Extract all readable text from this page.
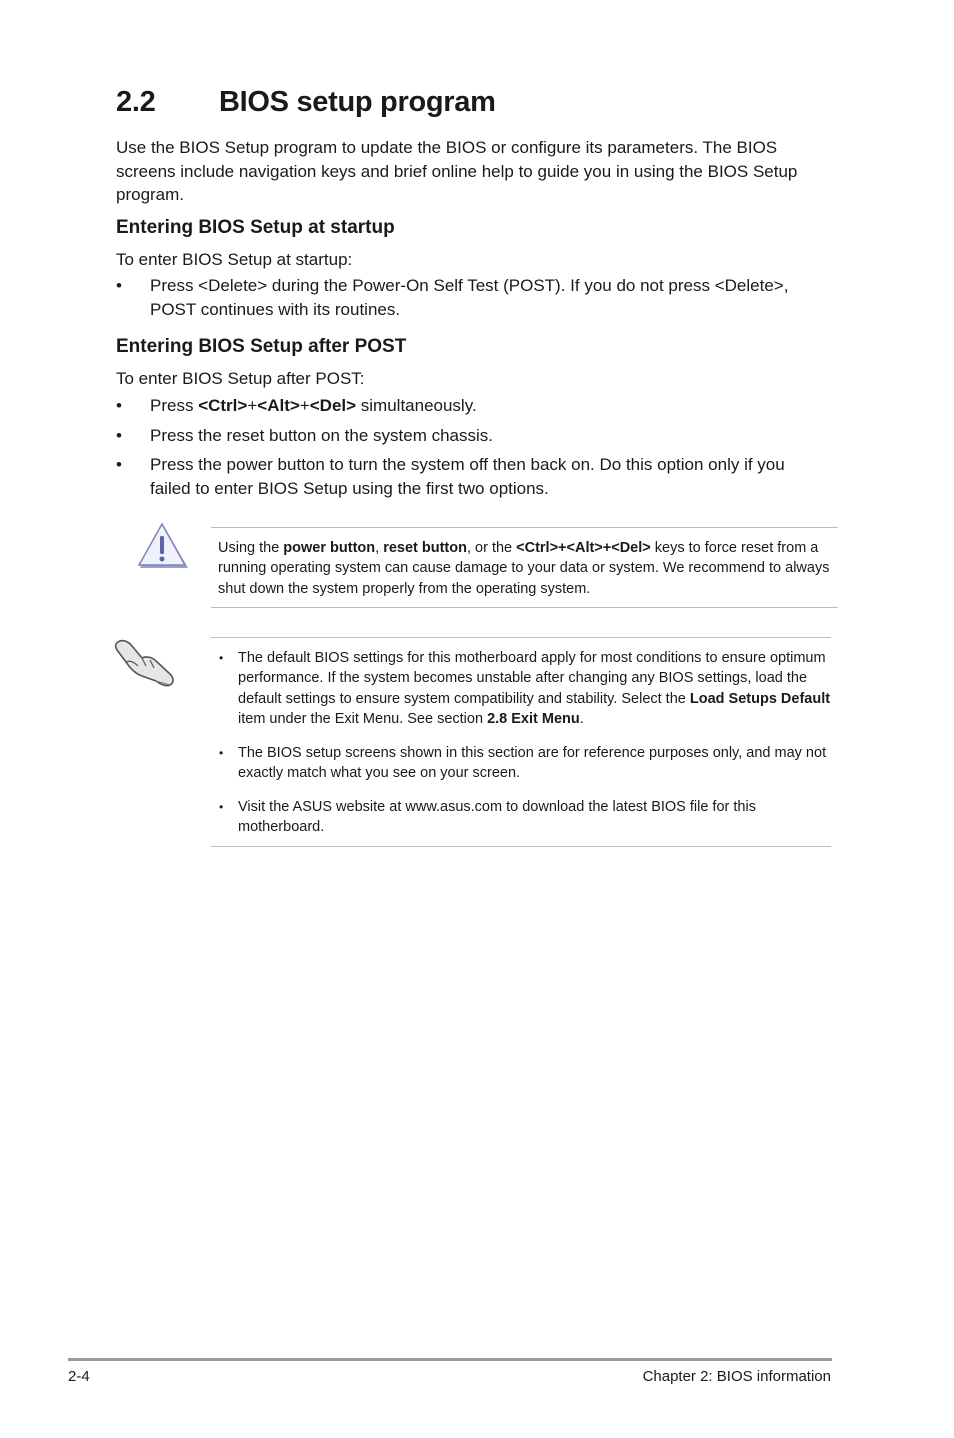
2.2 BIOS setup program

Use the BIOS Setup program to update the BIOS or configure its parameters. The BIOS screens include navigation keys and brief online help to guide you in using the BIOS Setup program.

Entering BIOS Setup at startup

To enter BIOS Setup at startup:

• Press <Delete> during the Power-On Self Test (POST). If you do not press <Delete>, POST continues with its routines.
Entering BIOS Setup after POST

To enter BIOS Setup after POST:

• Press <Ctrl>+<Alt>+<Del> simultaneously.
• Press the reset button on the system chassis.
• Press the power button to turn the system off then back on. Do this option only if you failed to enter BIOS Setup using the first two options.
Using the power button, reset button, or the <Ctrl>+<Alt>+<Del> keys to force reset from a running operating system can cause damage to your data or system. We recommend to always shut down the system properly from the operating system.
• The default BIOS settings for this motherboard apply for most conditions to ensure optimum performance. If the system becomes unstable after changing any BIOS settings, load the default settings to ensure system compatibility and stability. Select the Load Setups Default item under the Exit Menu. See section 2.8 Exit Menu.
• The BIOS setup screens shown in this section are for reference purposes only, and may not exactly match what you see on your screen.
• Visit the ASUS website at www.asus.com to download the latest BIOS file for this motherboard.
2-4	Chapter 2: BIOS information
